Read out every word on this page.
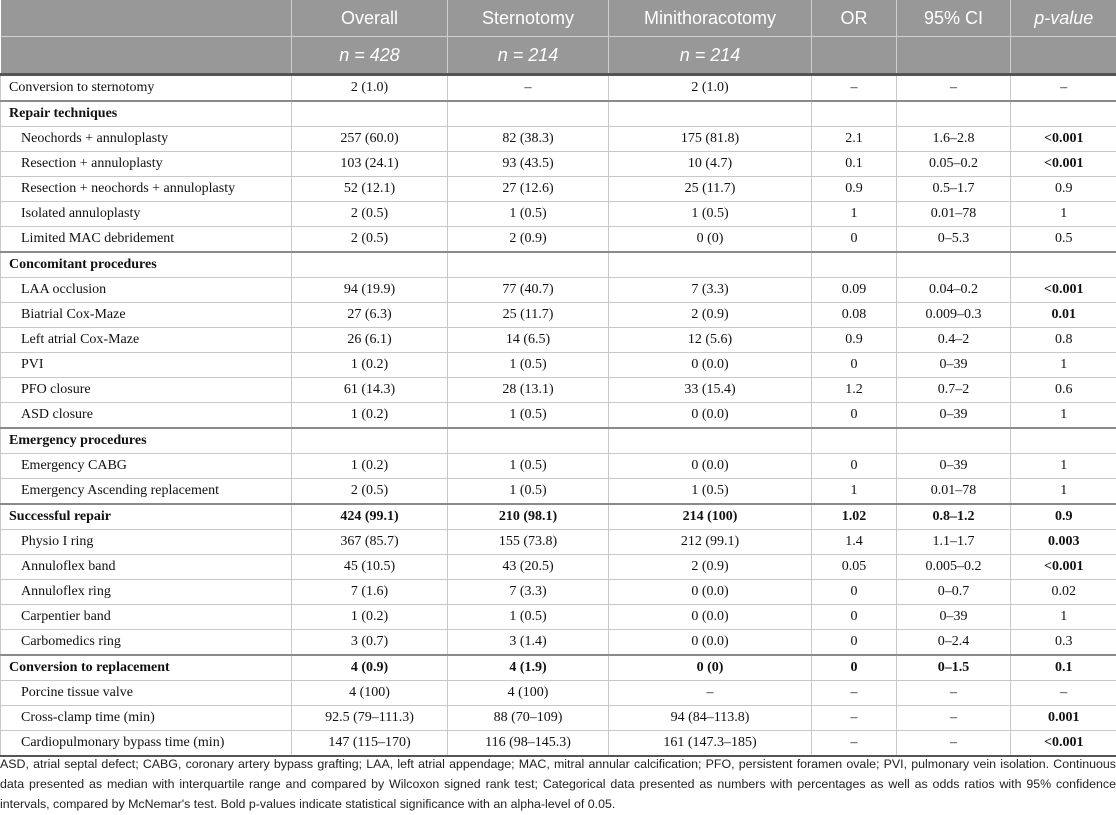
	Overall	Sternotomy	Minithoracotomy	OR	95% CI	p-value
	n = 428	n = 214	n = 214			
Conversion to sternotomy	2 (1.0)	–	2 (1.0)	–	–	–
Repair techniques						
Neochords + annuloplasty	257 (60.0)	82 (38.3)	175 (81.8)	2.1	1.6–2.8	<0.001
Resection + annuloplasty	103 (24.1)	93 (43.5)	10 (4.7)	0.1	0.05–0.2	<0.001
Resection + neochords + annuloplasty	52 (12.1)	27 (12.6)	25 (11.7)	0.9	0.5–1.7	0.9
Isolated annuloplasty	2 (0.5)	1 (0.5)	1 (0.5)	1	0.01–78	1
Limited MAC debridement	2 (0.5)	2 (0.9)	0 (0)	0	0–5.3	0.5
Concomitant procedures						
LAA occlusion	94 (19.9)	77 (40.7)	7 (3.3)	0.09	0.04–0.2	<0.001
Biatrial Cox-Maze	27 (6.3)	25 (11.7)	2 (0.9)	0.08	0.009–0.3	0.01
Left atrial Cox-Maze	26 (6.1)	14 (6.5)	12 (5.6)	0.9	0.4–2	0.8
PVI	1 (0.2)	1 (0.5)	0 (0.0)	0	0–39	1
PFO closure	61 (14.3)	28 (13.1)	33 (15.4)	1.2	0.7–2	0.6
ASD closure	1 (0.2)	1 (0.5)	0 (0.0)	0	0–39	1
Emergency procedures						
Emergency CABG	1 (0.2)	1 (0.5)	0 (0.0)	0	0–39	1
Emergency Ascending replacement	2 (0.5)	1 (0.5)	1 (0.5)	1	0.01–78	1
Successful repair	424 (99.1)	210 (98.1)	214 (100)	1.02	0.8–1.2	0.9
Physio I ring	367 (85.7)	155 (73.8)	212 (99.1)	1.4	1.1–1.7	0.003
Annuloflex band	45 (10.5)	43 (20.5)	2 (0.9)	0.05	0.005–0.2	<0.001
Annuloflex ring	7 (1.6)	7 (3.3)	0 (0.0)	0	0–0.7	0.02
Carpentier band	1 (0.2)	1 (0.5)	0 (0.0)	0	0–39	1
Carbomedics ring	3 (0.7)	3 (1.4)	0 (0.0)	0	0–2.4	0.3
Conversion to replacement	4 (0.9)	4 (1.9)	0 (0)	0	0–1.5	0.1
Porcine tissue valve	4 (100)	4 (100)	–	–	–	–
Cross-clamp time (min)	92.5 (79–111.3)	88 (70–109)	94 (84–113.8)	–	–	0.001
Cardiopulmonary bypass time (min)	147 (115–170)	116 (98–145.3)	161 (147.3–185)	–	–	<0.001
ASD, atrial septal defect; CABG, coronary artery bypass grafting; LAA, left atrial appendage; MAC, mitral annular calcification; PFO, persistent foramen ovale; PVI, pulmonary vein isolation. Continuous data presented as median with interquartile range and compared by Wilcoxon signed rank test; Categorical data presented as numbers with percentages as well as odds ratios with 95% confidence intervals, compared by McNemar's test. Bold p-values indicate statistical significance with an alpha-level of 0.05.
